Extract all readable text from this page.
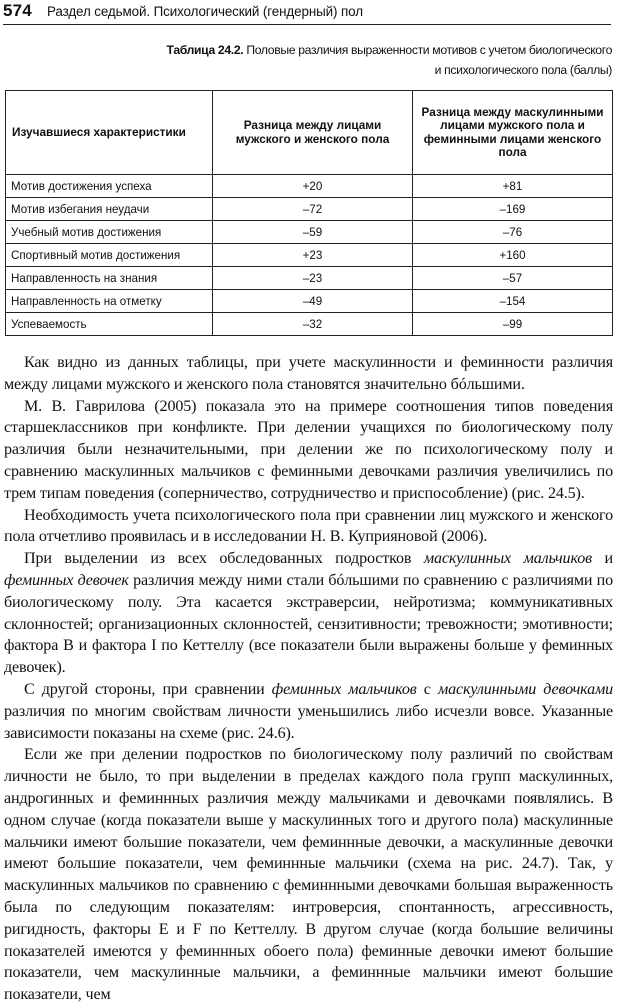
574 Раздел седьмой. Психологический (гендерный) пол
Таблица 24.2. Половые различия выраженности мотивов с учетом биологического
и психологического пола (баллы)
Изучавшиеся характеристики	Разница между лицами мужского и женского пола	Разница между маскулинными лицами мужского пола и феминными лицами женского пола
Мотив достижения успеха	+20	+81
Мотив избегания неудачи	–72	–169
Учебный мотив достижения	–59	–76
Спортивный мотив достижения	+23	+160
Направленность на знания	–23	–57
Направленность на отметку	–49	–154
Успеваемость	–32	–99

Как видно из данных таблицы, при учете маскулинности и феминности различия между лицами мужского и женского пола становятся значительно бóльшими.

М. В. Гаврилова (2005) показала это на примере соотношения типов поведения старшеклассников при конфликте. При делении учащихся по биологическому полу различия были незначительными, при делении же по психологическому полу и сравнению маскулинных мальчиков с феминными девочками различия увеличились по трем типам поведения (соперничество, сотрудничество и приспособление) (рис. 24.5).

Необходимость учета психологического пола при сравнении лиц мужского и женского пола отчетливо проявилась и в исследовании Н. В. Куприяновой (2006).

При выделении из всех обследованных подростков маскулинных мальчиков и феминных девочек различия между ними стали бóльшими по сравнению с различиями по биологическому полу. Эта касается экстраверсии, нейротизма; коммуникативных склонностей; организационных склонностей, сензитивности; тревожности; эмотивности; фактора B и фактора I по Кеттеллу (все показатели были выражены больше у феминных девочек).

С другой стороны, при сравнении феминных мальчиков с маскулинными девочками различия по многим свойствам личности уменьшились либо исчезли вовсе. Указанные зависимости показаны на схеме (рис. 24.6).

Если же при делении подростков по биологическому полу различий по свойствам личности не было, то при выделении в пределах каждого пола групп маскулинных, андрогинных и феминнных различия между мальчиками и девочками появлялись. В одном случае (когда показатели выше у маскулинных того и другого пола) маскулинные мальчики имеют большие показатели, чем феминнные девочки, а маскулинные девочки имеют большие показатели, чем феминнные мальчики (схема на рис. 24.7). Так, у маскулинных мальчиков по сравнению с феминнными девочками большая выраженность была по следующим показателям: интроверсия, спонтанность, агрессивность, ригидность, факторы E и F по Кеттеллу. В другом случае (когда большие величины показателей имеются у феминнных обоего пола) феминные девочки имеют большие показатели, чем маскулинные мальчики, а феминнные мальчики имеют большие показатели, чем
